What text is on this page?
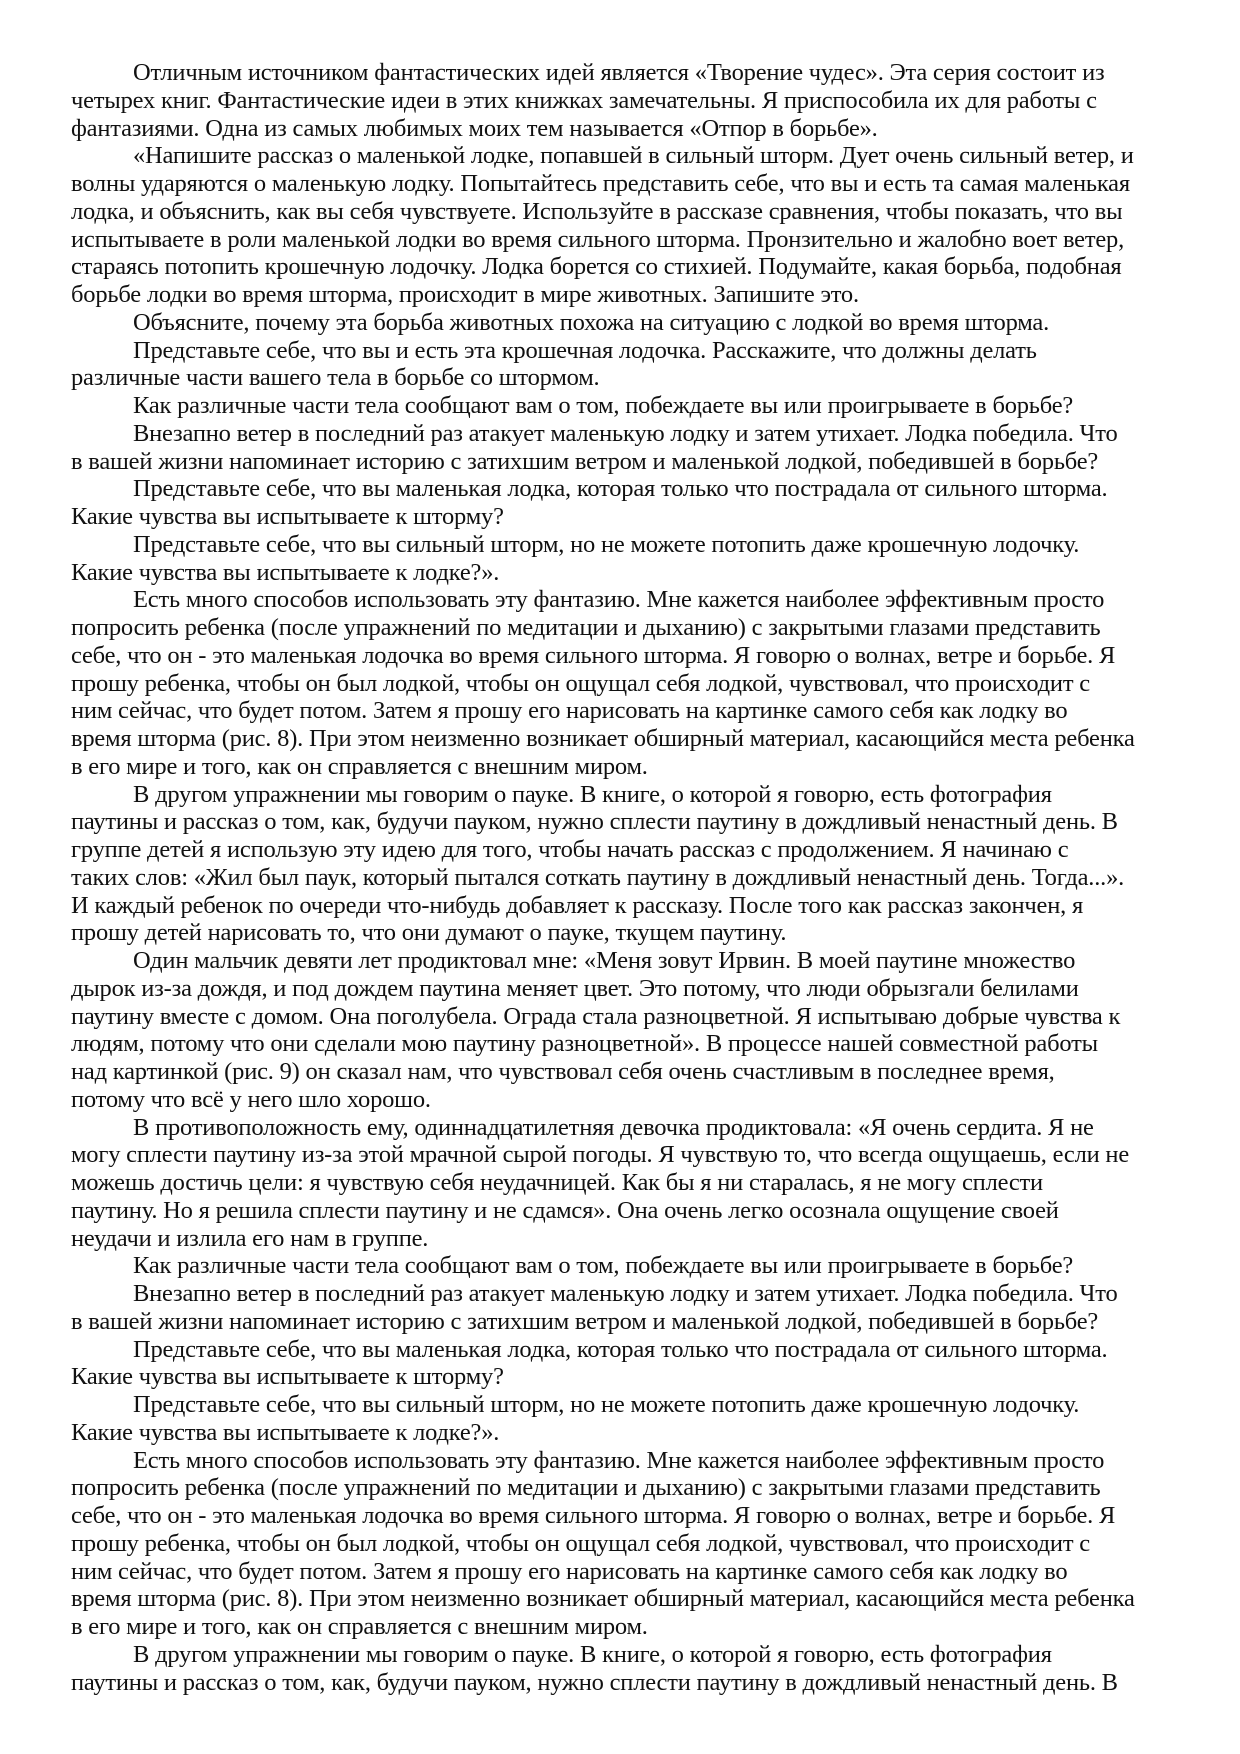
Отличным источником фантастических идей является «Творение чудес». Эта серия состоит из
четырех книг. Фантастические идеи в этих книжках замечательны. Я приспособила их для работы с
фантазиями. Одна из самых любимых моих тем называется «Отпор в борьбе».
«Напишите рассказ о маленькой лодке, попавшей в сильный шторм. Дует очень сильный ветер, и
волны ударяются о маленькую лодку. Попытайтесь представить себе, что вы и есть та самая маленькая
лодка, и объяснить, как вы себя чувствуете. Используйте в рассказе сравнения, чтобы показать, что вы
испытываете в роли маленькой лодки во время сильного шторма. Пронзительно и жалобно воет ветер,
стараясь потопить крошечную лодочку. Лодка борется со стихией. Подумайте, какая борьба, подобная
борьбе лодки во время шторма, происходит в мире животных. Запишите это.
Объясните, почему эта борьба животных похожа на ситуацию с лодкой во время шторма.
Представьте себе, что вы и есть эта крошечная лодочка. Расскажите, что должны делать
различные части вашего тела в борьбе со штормом.
Как различные части тела сообщают вам о том, побеждаете вы или проигрываете в борьбе?
Внезапно ветер в последний раз атакует маленькую лодку и затем утихает. Лодка победила. Что
в вашей жизни напоминает историю с затихшим ветром и маленькой лодкой, победившей в борьбе?
Представьте себе, что вы маленькая лодка, которая только что пострадала от сильного шторма.
Какие чувства вы испытываете к шторму?
Представьте себе, что вы сильный шторм, но не можете потопить даже крошечную лодочку.
Какие чувства вы испытываете к лодке?».
Есть много способов использовать эту фантазию. Мне кажется наиболее эффективным просто
попросить ребенка (после упражнений по медитации и дыханию) с закрытыми глазами представить
себе, что он - это маленькая лодочка во время сильного шторма. Я говорю о волнах, ветре и борьбе. Я
прошу ребенка, чтобы он был лодкой, чтобы он ощущал себя лодкой, чувствовал, что происходит с
ним сейчас, что будет потом. Затем я прошу его нарисовать на картинке самого себя как лодку во
время шторма (рис. 8). При этом неизменно возникает обширный материал, касающийся места ребенка
в его мире и того, как он справляется с внешним миром.
В другом упражнении мы говорим о пауке. В книге, о которой я говорю, есть фотография
паутины и рассказ о том, как, будучи пауком, нужно сплести паутину в дождливый ненастный день. В
группе детей я использую эту идею для того, чтобы начать рассказ с продолжением. Я начинаю с
таких слов: «Жил был паук, который пытался соткать паутину в дождливый ненастный день. Тогда...».
И каждый ребенок по очереди что-нибудь добавляет к рассказу. После того как рассказ закончен, я
прошу детей нарисовать то, что они думают о пауке, ткущем паутину.
Один мальчик девяти лет продиктовал мне: «Меня зовут Ирвин. В моей паутине множество
дырок из-за дождя, и под дождем паутина меняет цвет. Это потому, что люди обрызгали белилами
паутину вместе с домом. Она поголубела. Ограда стала разноцветной. Я испытываю добрые чувства к
людям, потому что они сделали мою паутину разноцветной». В процессе нашей совместной работы
над картинкой (рис. 9) он сказал нам, что чувствовал себя очень счастливым в последнее время,
потому что всё у него шло хорошо.
В противоположность ему, одиннадцатилетняя девочка продиктовала: «Я очень сердита. Я не
могу сплести паутину из-за этой мрачной сырой погоды. Я чувствую то, что всегда ощущаешь, если не
можешь достичь цели: я чувствую себя неудачницей. Как бы я ни старалась, я не могу сплести
паутину. Но я решила сплести паутину и не сдамся». Она очень легко осознала ощущение своей
неудачи и излила его нам в группе.
Как различные части тела сообщают вам о том, побеждаете вы или проигрываете в борьбе?
Внезапно ветер в последний раз атакует маленькую лодку и затем утихает. Лодка победила. Что
в вашей жизни напоминает историю с затихшим ветром и маленькой лодкой, победившей в борьбе?
Представьте себе, что вы маленькая лодка, которая только что пострадала от сильного шторма.
Какие чувства вы испытываете к шторму?
Представьте себе, что вы сильный шторм, но не можете потопить даже крошечную лодочку.
Какие чувства вы испытываете к лодке?».
Есть много способов использовать эту фантазию. Мне кажется наиболее эффективным просто
попросить ребенка (после упражнений по медитации и дыханию) с закрытыми глазами представить
себе, что он - это маленькая лодочка во время сильного шторма. Я говорю о волнах, ветре и борьбе. Я
прошу ребенка, чтобы он был лодкой, чтобы он ощущал себя лодкой, чувствовал, что происходит с
ним сейчас, что будет потом. Затем я прошу его нарисовать на картинке самого себя как лодку во
время шторма (рис. 8). При этом неизменно возникает обширный материал, касающийся места ребенка
в его мире и того, как он справляется с внешним миром.
В другом упражнении мы говорим о пауке. В книге, о которой я говорю, есть фотография
паутины и рассказ о том, как, будучи пауком, нужно сплести паутину в дождливый ненастный день. В
